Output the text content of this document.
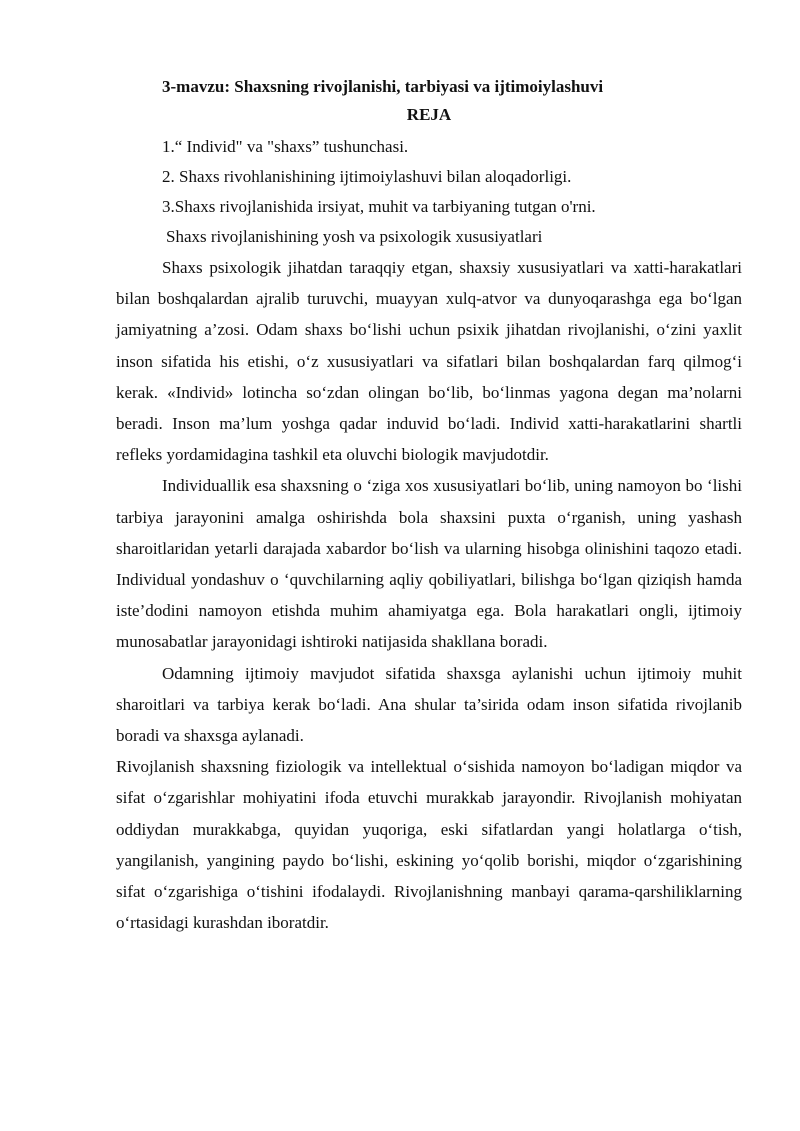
3-mavzu: Shaxsning rivojlanishi, tarbiyasi va ijtimoiylashuvi
REJA
1.“ Individ" va "shaxs” tushunchasi.
2. Shaxs rivohlanishining ijtimoiylashuvi bilan aloqadorligi.
3.Shaxs rivojlanishida irsiyat, muhit va tarbiyaning tutgan o'rni.
Shaxs rivojlanishining yosh va psixologik xususiyatlari

Shaxs psixologik jihatdan taraqqiy etgan, shaxsiy xususiyatlari va xatti-harakatlari bilan boshqalardan ajralib turuvchi, muayyan xulq-atvor va dunyoqarashga ega bo‘lgan jamiyatning a’zosi. Odam shaxs bo‘lishi uchun psixik jihatdan rivojlanishi, o‘zini yaxlit inson sifatida his etishi, o‘z xususiyatlari va sifatlari bilan boshqalardan farq qilmog‘i kerak. «Individ» lotincha so‘zdan olingan bo‘lib, bo‘linmas yagona degan ma’nolarni beradi. Inson ma’lum yoshga qadar induvid bo‘ladi. Individ xatti-harakatlarini shartli refleks yordamidagina tashkil eta oluvchi biologik mavjudotdir.

Individuallik esa shaxsning o ‘ziga xos xususiyatlari bo‘lib, uning namoyon bo ‘lishi tarbiya jarayonini amalga oshirishda bola shaxsini puxta o‘rganish, uning yashash sharoitlaridan yetarli darajada xabardor bo‘lish va ularning hisobga olinishini taqozo etadi. Individual yondashuv o ‘quvchilarning aqliy qobiliyatlari, bilishga bo‘lgan qiziqish hamda iste’dodini namoyon etishda muhim ahamiyatga ega. Bola harakatlari ongli, ijtimoiy munosabatlar jarayonidagi ishtiroki natijasida shakllana boradi.

Odamning ijtimoiy mavjudot sifatida shaxsga aylanishi uchun ijtimoiy muhit sharoitlari va tarbiya kerak bo‘ladi. Ana shular ta’sirida odam inson sifatida rivojlanib boradi va shaxsga aylanadi.

Rivojlanish shaxsning fiziologik va intellektual o‘sishida namoyon bo‘ladigan miqdor va sifat o‘zgarishlar mohiyatini ifoda etuvchi murakkab jarayondir. Rivojlanish mohiyatan oddiydan murakkabga, quyidan yuqoriga, eski sifatlardan yangi holatlarga o‘tish, yangilanish, yangining paydo bo‘lishi, eskining yo‘qolib borishi, miqdor o‘zgarishining sifat o‘zgarishiga o‘tishini ifodalaydi. Rivojlanishning manbayi qarama-qarshiliklarning o‘rtasidagi kurashdan iboratdir.
